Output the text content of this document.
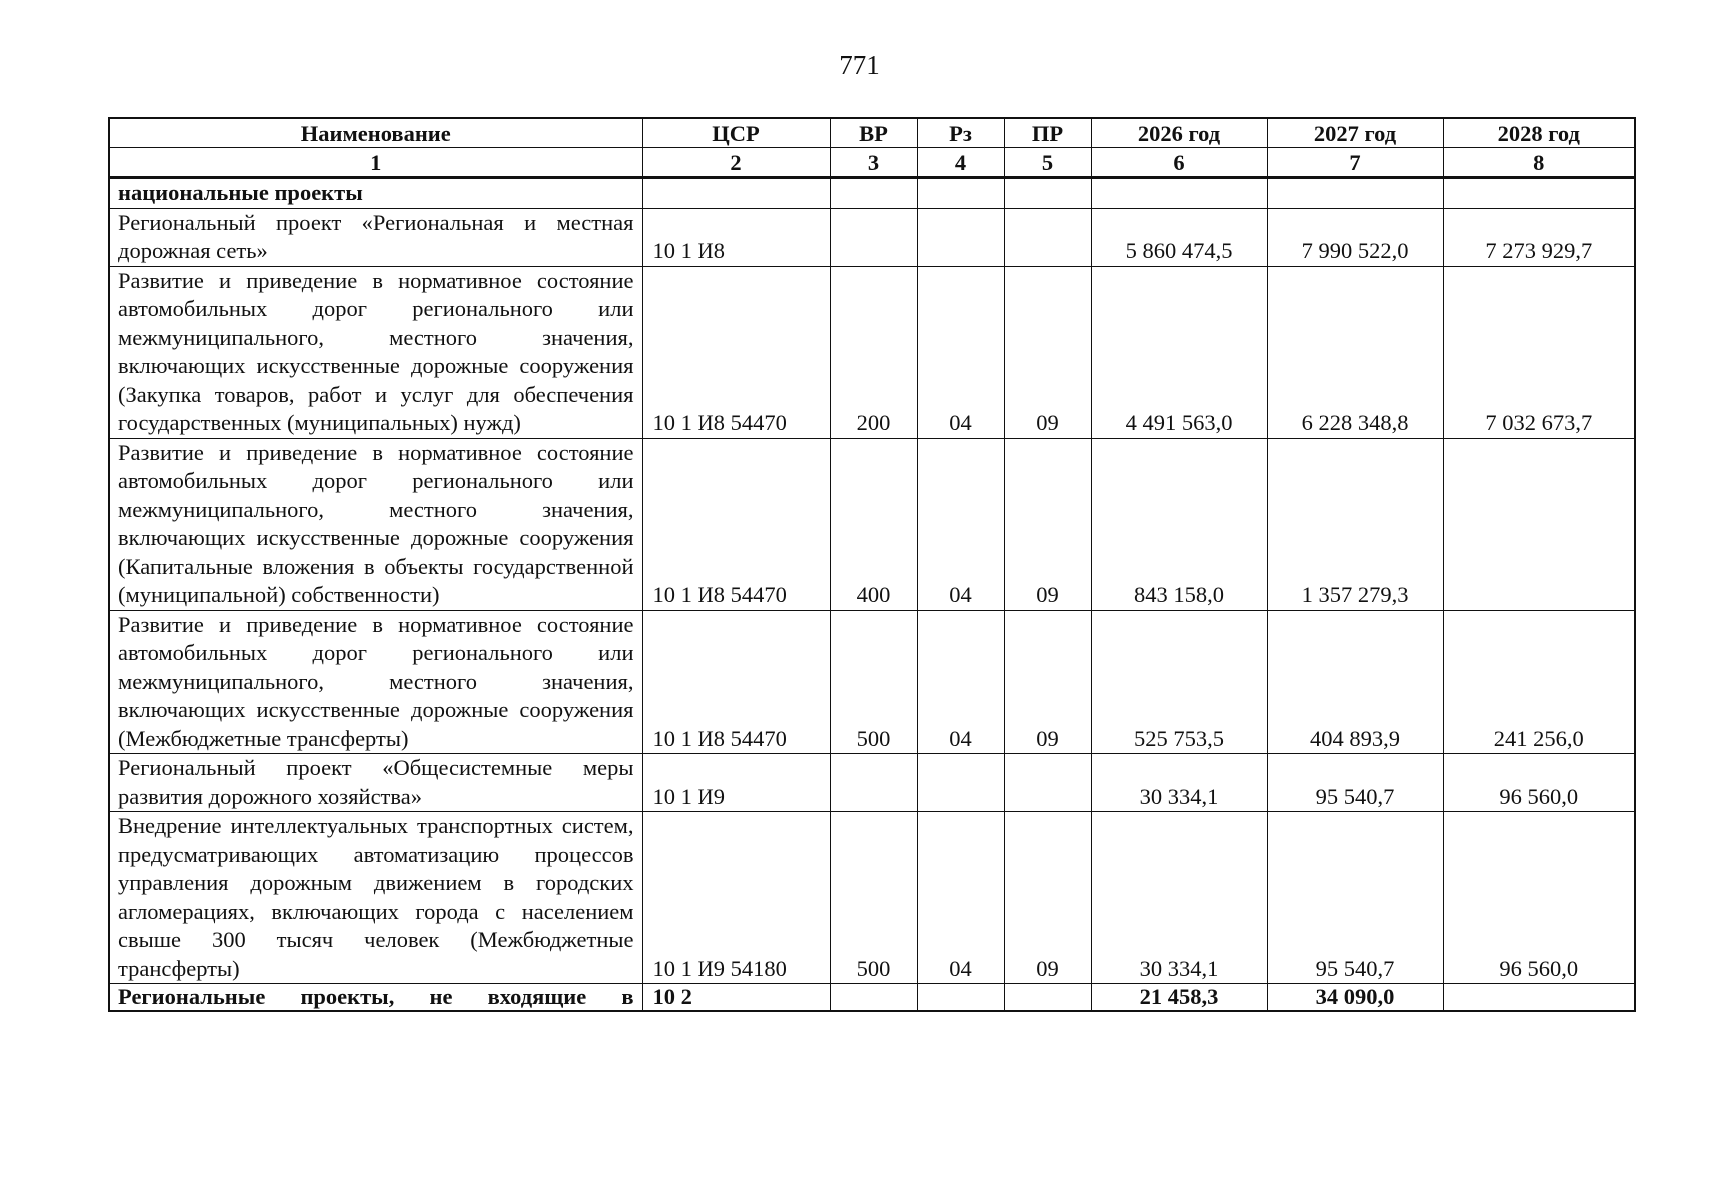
771
Наименование	ЦСР	ВР	Рз	ПР	2026 год	2027 год	2028 год
1	2	3	4	5	6	7	8
национальные проекты							
Региональный проект «Региональная и местная дорожная сеть»	10 1 И8				5 860 474,5	7 990 522,0	7 273 929,7
Развитие и приведение в нормативное состояние автомобильных дорог регионального или межмуниципального, местного значения, включающих искусственные дорожные сооружения (Закупка товаров, работ и услуг для обеспечения государственных (муниципальных) нужд)	10 1 И8 54470	200	04	09	4 491 563,0	6 228 348,8	7 032 673,7
Развитие и приведение в нормативное состояние автомобильных дорог регионального или межмуниципального, местного значения, включающих искусственные дорожные сооружения (Капитальные вложения в объекты государственной (муниципальной) собственности)	10 1 И8 54470	400	04	09	843 158,0	1 357 279,3	
Развитие и приведение в нормативное состояние автомобильных дорог регионального или межмуниципального, местного значения, включающих искусственные дорожные сооружения (Межбюджетные трансферты)	10 1 И8 54470	500	04	09	525 753,5	404 893,9	241 256,0
Региональный проект «Общесистемные меры развития дорожного хозяйства»	10 1 И9				30 334,1	95 540,7	96 560,0
Внедрение интеллектуальных транспортных систем, предусматривающих автоматизацию процессов управления дорожным движением в городских агломерациях, включающих города с населением свыше 300 тысяч человек (Межбюджетные трансферты)	10 1 И9 54180	500	04	09	30 334,1	95 540,7	96 560,0
Региональные проекты, не входящие в	10 2				21 458,3	34 090,0	
